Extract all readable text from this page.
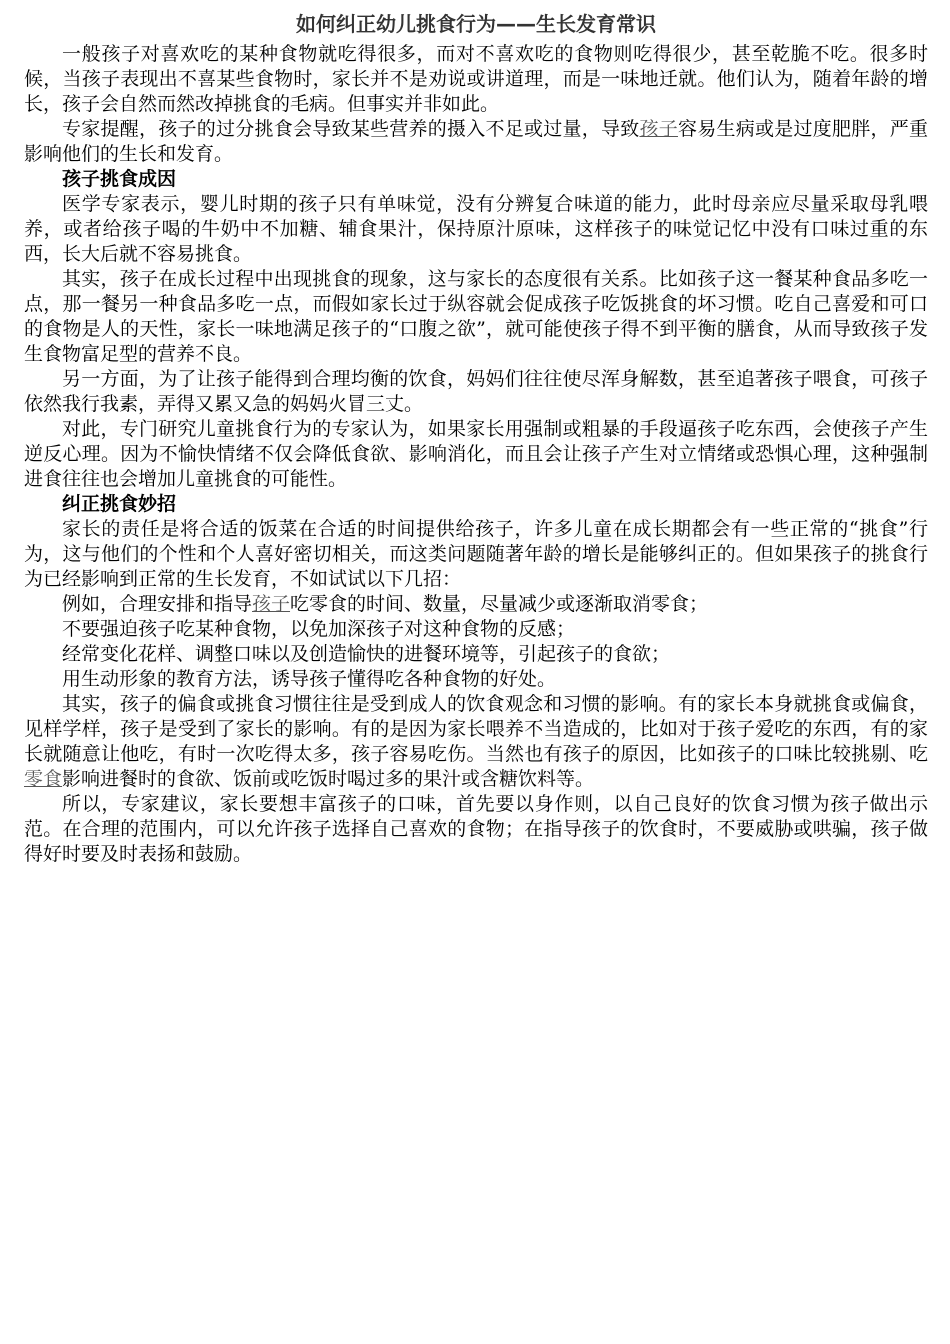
如何纠正幼儿挑食行为——生长发育常识

一般孩子对喜欢吃的某种食物就吃得很多，而对不喜欢吃的食物则吃得很少，甚至乾脆不吃。很多时候，当孩子表现出不喜某些食物时，家长并不是劝说或讲道理，而是一味地迁就。他们认为，随着年龄的增长，孩子会自然而然改掉挑食的毛病。但事实并非如此。

专家提醒，孩子的过分挑食会导致某些营养的摄入不足或过量，导致孩子容易生病或是过度肥胖，严重影响他们的生长和发育。

孩子挑食成因

医学专家表示，婴儿时期的孩子只有单味觉，没有分辨复合味道的能力，此时母亲应尽量采取母乳喂养，或者给孩子喝的牛奶中不加糖、辅食果汁，保持原汁原味，这样孩子的味觉记忆中没有口味过重的东西，长大后就不容易挑食。

其实，孩子在成长过程中出现挑食的现象，这与家长的态度很有关系。比如孩子这一餐某种食品多吃一点，那一餐另一种食品多吃一点，而假如家长过于纵容就会促成孩子吃饭挑食的坏习惯。吃自己喜爱和可口的食物是人的天性，家长一味地满足孩子的“口腹之欲”，就可能使孩子得不到平衡的膳食，从而导致孩子发生食物富足型的营养不良。

另一方面，为了让孩子能得到合理均衡的饮食，妈妈们往往使尽浑身解数，甚至追著孩子喂食，可孩子依然我行我素，弄得又累又急的妈妈火冒三丈。

对此，专门研究儿童挑食行为的专家认为，如果家长用强制或粗暴的手段逼孩子吃东西，会使孩子产生逆反心理。因为不愉快情绪不仅会降低食欲、影响消化，而且会让孩子产生对立情绪或恐惧心理，这种强制进食往往也会增加儿童挑食的可能性。

纠正挑食妙招

家长的责任是将合适的饭菜在合适的时间提供给孩子，许多儿童在成长期都会有一些正常的“挑食”行为，这与他们的个性和个人喜好密切相关，而这类问题随著年龄的增长是能够纠正的。但如果孩子的挑食行为已经影响到正常的生长发育，不如试试以下几招：

例如，合理安排和指导孩子吃零食的时间、数量，尽量减少或逐渐取消零食；

不要强迫孩子吃某种食物，以免加深孩子对这种食物的反感；

经常变化花样、调整口味以及创造愉快的进餐环境等，引起孩子的食欲；

用生动形象的教育方法，诱导孩子懂得吃各种食物的好处。

其实，孩子的偏食或挑食习惯往往是受到成人的饮食观念和习惯的影响。有的家长本身就挑食或偏食，见样学样，孩子是受到了家长的影响。有的是因为家长喂养不当造成的，比如对于孩子爱吃的东西，有的家长就随意让他吃，有时一次吃得太多，孩子容易吃伤。当然也有孩子的原因，比如孩子的口味比较挑剔、吃零食影响进餐时的食欲、饭前或吃饭时喝过多的果汁或含糖饮料等。

所以，专家建议，家长要想丰富孩子的口味，首先要以身作则，以自己良好的饮食习惯为孩子做出示范。在合理的范围内，可以允许孩子选择自己喜欢的食物；在指导孩子的饮食时，不要威胁或哄骗，孩子做得好时要及时表扬和鼓励。
